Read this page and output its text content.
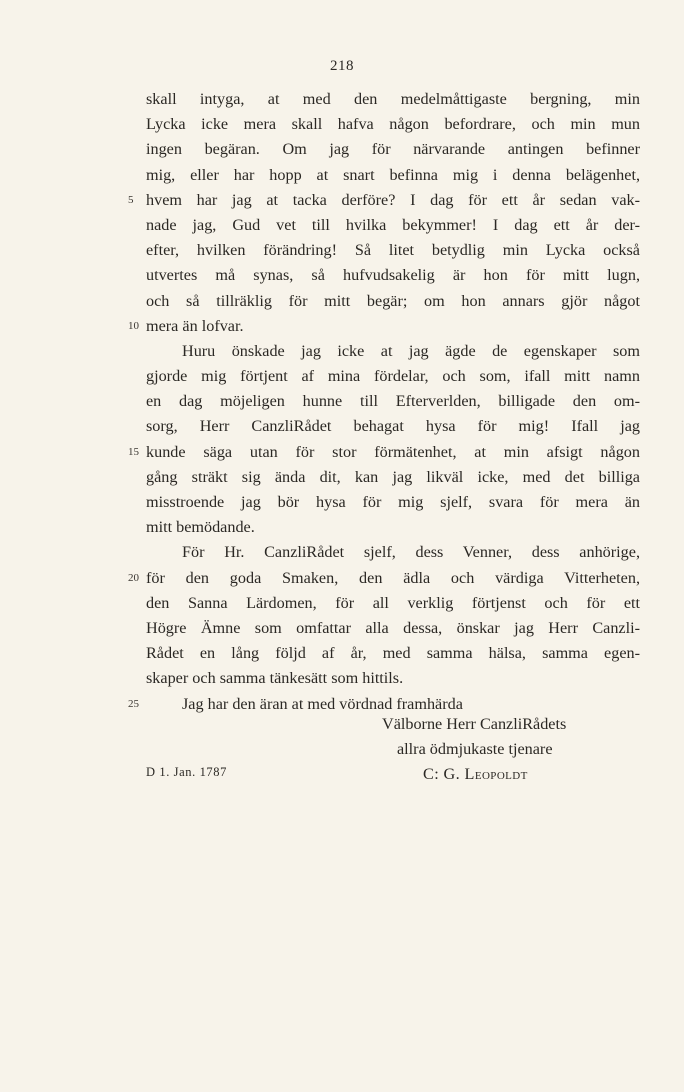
218
skall intyga, at med den medelmåttigaste bergning, min
Lycka icke mera skall hafva någon befordrare, och min mun
ingen begäran. Om jag för närvarande antingen befinner
mig, eller har hopp at snart befinna mig i denna belägenhet,
5 hvem har jag at tacka derföre? I dag för ett år sedan vak-
nade jag, Gud vet till hvilka bekymmer! I dag ett år der-
efter, hvilken förändring! Så litet betydlig min Lycka också
utvertes må synas, så hufvudsakelig är hon för mitt lugn,
och så tillräklig för mitt begär; om hon annars gjör något
10 mera än lofvar.
Huru önskade jag icke at jag ägde de egenskaper som
gjorde mig förtjent af mina fördelar, och som, ifall mitt namn
en dag möjeligen hunne till Efterverlden, billigade den om-
sorg, Herr CanzliRådet behagat hysa för mig! Ifall jag
15 kunde säga utan för stor förmätenhet, at min afsigt någon
gång sträkt sig ända dit, kan jag likväl icke, med det billiga
misstroende jag bör hysa för mig sjelf, svara för mera än
mitt bemödande.
För Hr. CanzliRådet sjelf, dess Venner, dess anhörige,
20 för den goda Smaken, den ädla och värdiga Vitterheten,
den Sanna Lärdomen, för all verklig förtjenst och för ett
Högre Ämne som omfattar alla dessa, önskar jag Herr Canzli-
Rådet en lång följd af år, med samma hälsa, samma egen-
skaper och samma tänkesätt som hittils.
25	Jag har den äran at med vördnad framhärda
Välborne Herr CanzliRådets
allra ödmjukaste tjenare
C: G. Leopoldt
D 1. Jan. 1787
